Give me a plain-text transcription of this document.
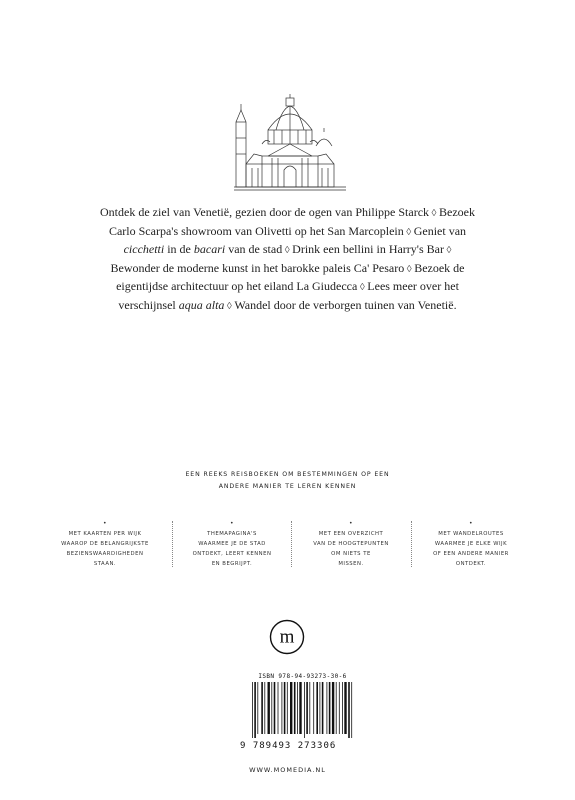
Ontdek de ziel van Venetië, gezien door de ogen van Philippe Starck ◊ Bezoek Carlo Scarpa's showroom van Olivetti op het San Marcoplein ◊ Geniet van cicchetti in de bacari van de stad ◊ Drink een bellini in Harry's Bar ◊ Bewonder de moderne kunst in het barokke paleis Ca' Pesaro ◊ Bezoek de eigentijdse architectuur op het eiland La Giudecca ◊ Lees meer over het verschijnsel aqua alta ◊ Wandel door de verborgen tuinen van Venetië.
EEN REEKS REISBOEKEN OM BESTEMMINGEN OP EEN
ANDERE MANIER TE LEREN KENNEN
•
MET KAARTEN PER WIJK
WAAROP DE BELANGRIJKSTE
BEZIENSWAARDIGHEDEN
STAAN.
•
THEMAPAGINA'S
WAARMEE JE DE STAD
ONTDEKT, LEERT KENNEN
EN BEGRIJPT.
•
MET EEN OVERZICHT
VAN DE HOOGTEPUNTEN
OM NIETS TE
MISSEN.
•
MET WANDELROUTES
WAARMEE JE ELKE WIJK
OF EEN ANDERE MANIER
ONTDEKT.
m
ISBN 978-94-93273-30-6
9 789493 273306
WWW.MOMEDIA.NL
